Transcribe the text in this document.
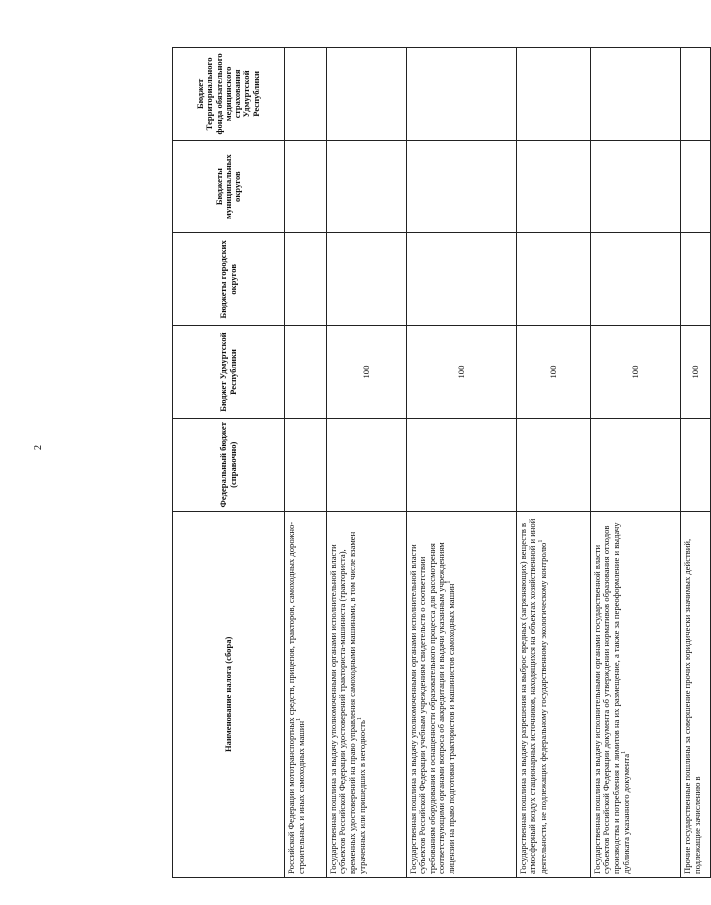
2
Наименование налога (сбора)	Федеральный бюджет (справочно)	Бюджет Удмуртской Республики	Бюджеты городских округов	Бюджеты муниципальных округов	Бюджет Территориального фонда обязательного медицинского страхования Удмуртской Республики
Российской Федерации мототранспортных средств, прицепов, тракторов, самоходных дорожно-строительных и иных самоходных машин$^1$					
Государственная пошлина за выдачу уполномоченными органами исполнительной власти субъектов Российской Федерации удостоверений тракториста-машиниста (тракториста), временных удостоверений на право управления самоходными машинами, в том числе взамен утраченных или пришедших в негодность$^1$		100			
Государственная пошлина за выдачу уполномоченными органами исполнительной власти субъектов Российской Федерации учебным учреждениям свидетельств о соответствии требованиям оборудования и оснащенности образовательного процесса для рассмотрения соответствующими органами вопроса об аккредитации и выдачи указанным учреждениям лицензии на право подготовки трактористов и машинистов самоходных машин$^1$		100			
Государственная пошлина за выдачу разрешения на выброс вредных (загрязняющих) веществ в атмосферный воздух стационарных источников, находящихся на объектах хозяйственной и иной деятельности, не подлежащих федеральному государственному экологическому контролю$^1$		100			
Государственная пошлина за выдачу исполнительными органами государственной власти субъектов Российской Федерации документа об утверждении нормативов образования отходов производства и потребления и лимитов на их размещение, а также за переоформление и выдачу дубликата указанного документа$^1$		100			
Прочие государственные пошлины за совершение прочих юридически значимых действий, подлежащие зачислению в		100			
